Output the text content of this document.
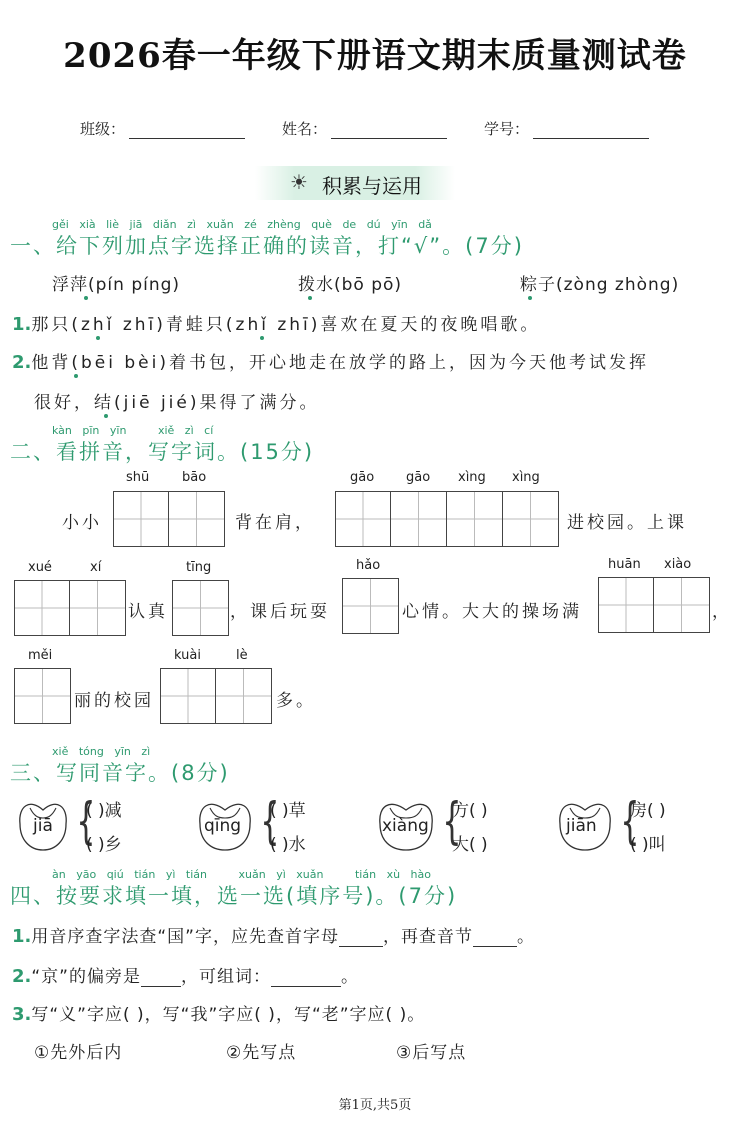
2026春一年级下册语文期末质量测试卷
班级：	姓名：	学号：
☀ 积累与运用
gěi xià liè jiā diǎn zì xuǎn zé zhèng què de dú yīn dǎ
一、给下列加点字选择正确的读音，打“√”。(7分)
浮萍(pín píng)	拨水(bō pō)	粽子(zòng zhòng)
1.那只(zhǐ zhī)青蛙只(zhǐ zhī)喜欢在夏天的夜晚唱歌。
2.他背(bēi bèi)着书包，开心地走在放学的路上，因为今天他考试发挥
很好，结(jiē jié)果得了满分。
kàn pīn yīn	xiě zì cí
二、看拼音，写字词。(15分)
shū	bāo
小小	背在肩，
gāo gāo xìng xìng
进校园。上课
xué	xí
认真
tīng
，课后玩耍
hǎo
心情。大大的操场满
huān xiào
，
měi
丽的校园
kuài	lè
多。
xiě tóng yīn zì
三、写同音字。(8分)
jiā {
( )减
( )乡
qīng {
( )草
( )水
xiàng {
方( )
大( )
jiān {
房( )
( )叫
àn yāo qiú tián yì tián	xuǎn yì xuǎn	tián xù hào
四、按要求填一填，选一选(填序号)。(7分)
1.用音序查字法查“国”字，应先查首字母	，再查音节	。
2.“京”的偏旁是 ，可组词：	。
3.写“义”字应( )，写“我”字应( )，写“老”字应( )。
①先外后内	②先写点	③后写点
第1页,共5页
